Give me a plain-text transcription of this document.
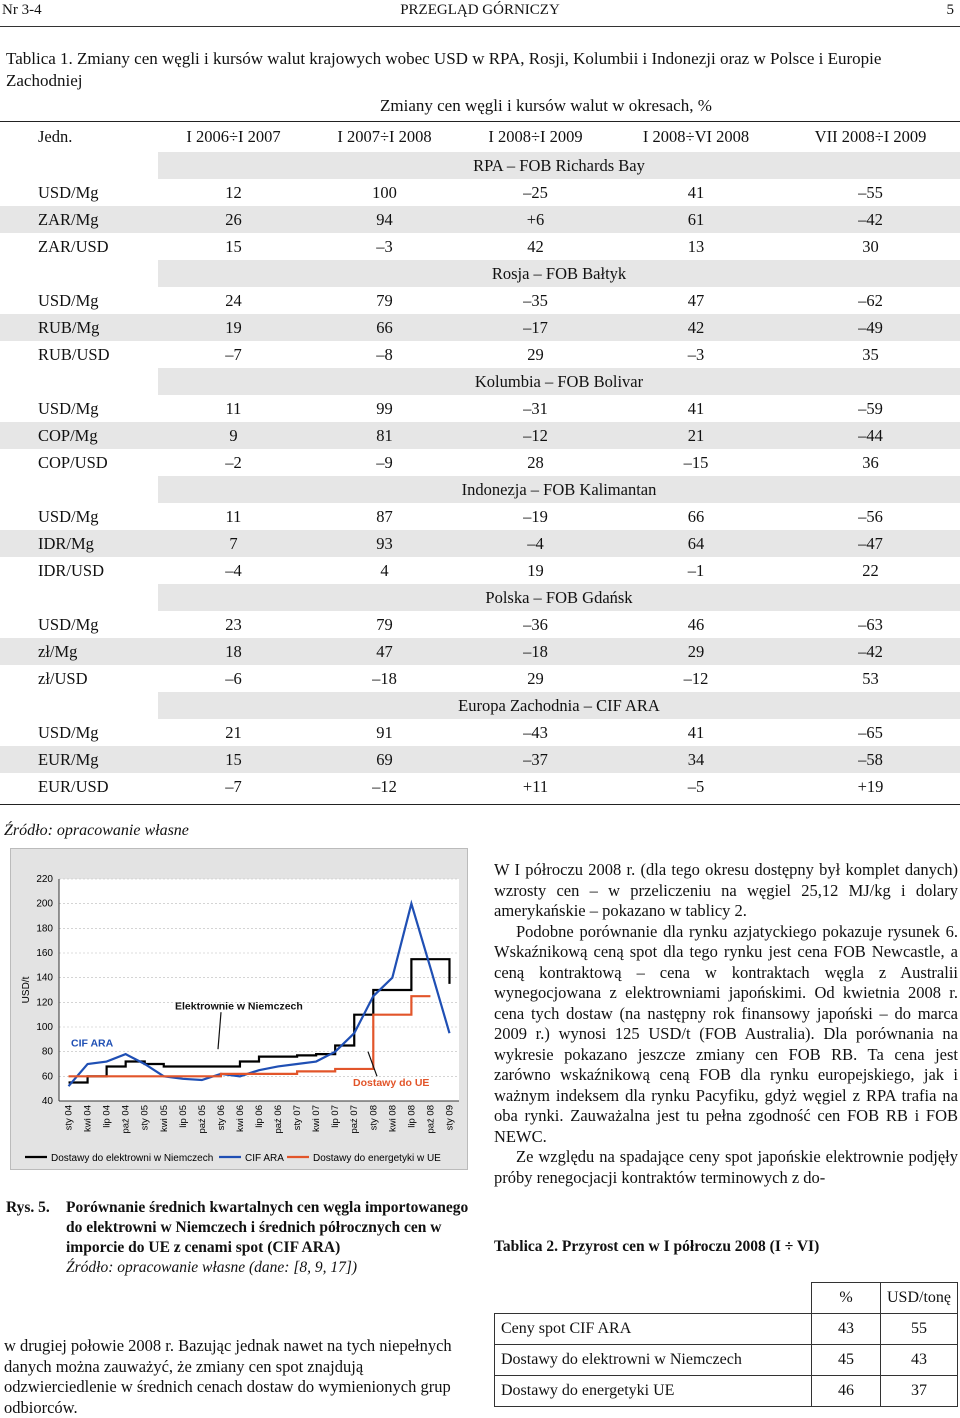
Nr 3-4	PRZEGLĄD GÓRNICZY	5
Tablica 1. Zmiany cen węgli i kursów walut krajowych wobec USD w RPA, Rosji, Kolumbii i Indonezji oraz w Polsce i Europie Zachodniej
Zmiany cen węgli i kursów walut w okresach, %
Jedn.	I 2006÷I 2007	I 2007÷I 2008	I 2008÷I 2009	I 2008÷VI 2008	VII 2008÷I 2009
	RPA – FOB Richards Bay				
USD/Mg	12	100	–25	41	–55
ZAR/Mg	26	94	+6	61	–42
ZAR/USD	15	–3	42	13	30
	Rosja – FOB Bałtyk				
USD/Mg	24	79	–35	47	–62
RUB/Mg	19	66	–17	42	–49
RUB/USD	–7	–8	29	–3	35
	Kolumbia – FOB Bolivar				
USD/Mg	11	99	–31	41	–59
COP/Mg	9	81	–12	21	–44
COP/USD	–2	–9	28	–15	36
	Indonezja – FOB Kalimantan				
USD/Mg	11	87	–19	66	–56
IDR/Mg	7	93	–4	64	–47
IDR/USD	–4	4	19	–1	22
	Polska – FOB Gdańsk				
USD/Mg	23	79	–36	46	–63
zł/Mg	18	47	–18	29	–42
zł/USD	–6	–18	29	–12	53
	Europa Zachodnia – CIF ARA				
USD/Mg	21	91	–43	41	–65
EUR/Mg	15	69	–37	34	–58
EUR/USD	–7	–12	+11	–5	+19
Źródło: opracowanie własne
40
60
80
100
120
140
160
180
200
220
USD/t
sty 04 kwi 04 lip 04 paź 04 sty 05 kwi 05 lip 05 paź 05 sty 06 kwi 06 lip 06 paź 06 sty 07 kwi 07 lip 07 paź 07 sty 08 kwi 08 lip 08 paź 08 sty 09
CIF ARA
Elektrownie w Niemczech
Dostawy do UE
Dostawy do elektrowni w Niemczech	CIF ARA	Dostawy do energetyki w UE
Rys. 5. Porównanie średnich kwartalnych cen węgla importowanego do elektrowni w Niemczech i średnich półrocznych cen w imporcie do UE z cenami spot (CIF ARA)
Źródło: opracowanie własne (dane: [8, 9, 17])
w drugiej połowie 2008 r. Bazując jednak nawet na tych niepełnych danych można zauważyć, że zmiany cen spot znajdują odzwierciedlenie w średnich cenach dostaw do wymienionych grup odbiorców.

W I półroczu 2008 r. (dla tego okresu dostępny był komplet danych) wzrosty cen – w przeliczeniu na węgiel 25,12 MJ/kg i dolary amerykańskie – pokazano w tablicy 2.

Podobne porównanie dla rynku azjatyckiego pokazuje rysunek 6. Wskaźnikową ceną spot dla tego rynku jest cena FOB Newcastle, a ceną kontraktową – cena w kontraktach węgla z Australii wynegocjowana z elektrowniami japońskimi. Od kwietnia 2008 r. cena tych dostaw (na następny rok finansowy japoński – do marca 2009 r.) wynosi 125 USD/t (FOB Australia). Dla porównania na wykresie pokazano jeszcze zmiany cen FOB RB. Ta cena jest zarówno wskaźnikową ceną FOB dla rynku europejskiego, jak i ważnym indeksem dla rynku Pacyfiku, gdyż węgiel z RPA trafia na oba rynki. Zauważalna jest tu pełna zgodność cen FOB RB i FOB NEWC.

Ze względu na spadające ceny spot japońskie elektrownie podjęły próby renegocjacji kontraktów terminowych z do-

Tablica 2. Przyrost cen w I półroczu 2008 (I ÷ VI)
	%	USD/tonę
Ceny spot CIF ARA	43	55
Dostawy do elektrowni w Niemczech	45	43
Dostawy do energetyki UE	46	37
